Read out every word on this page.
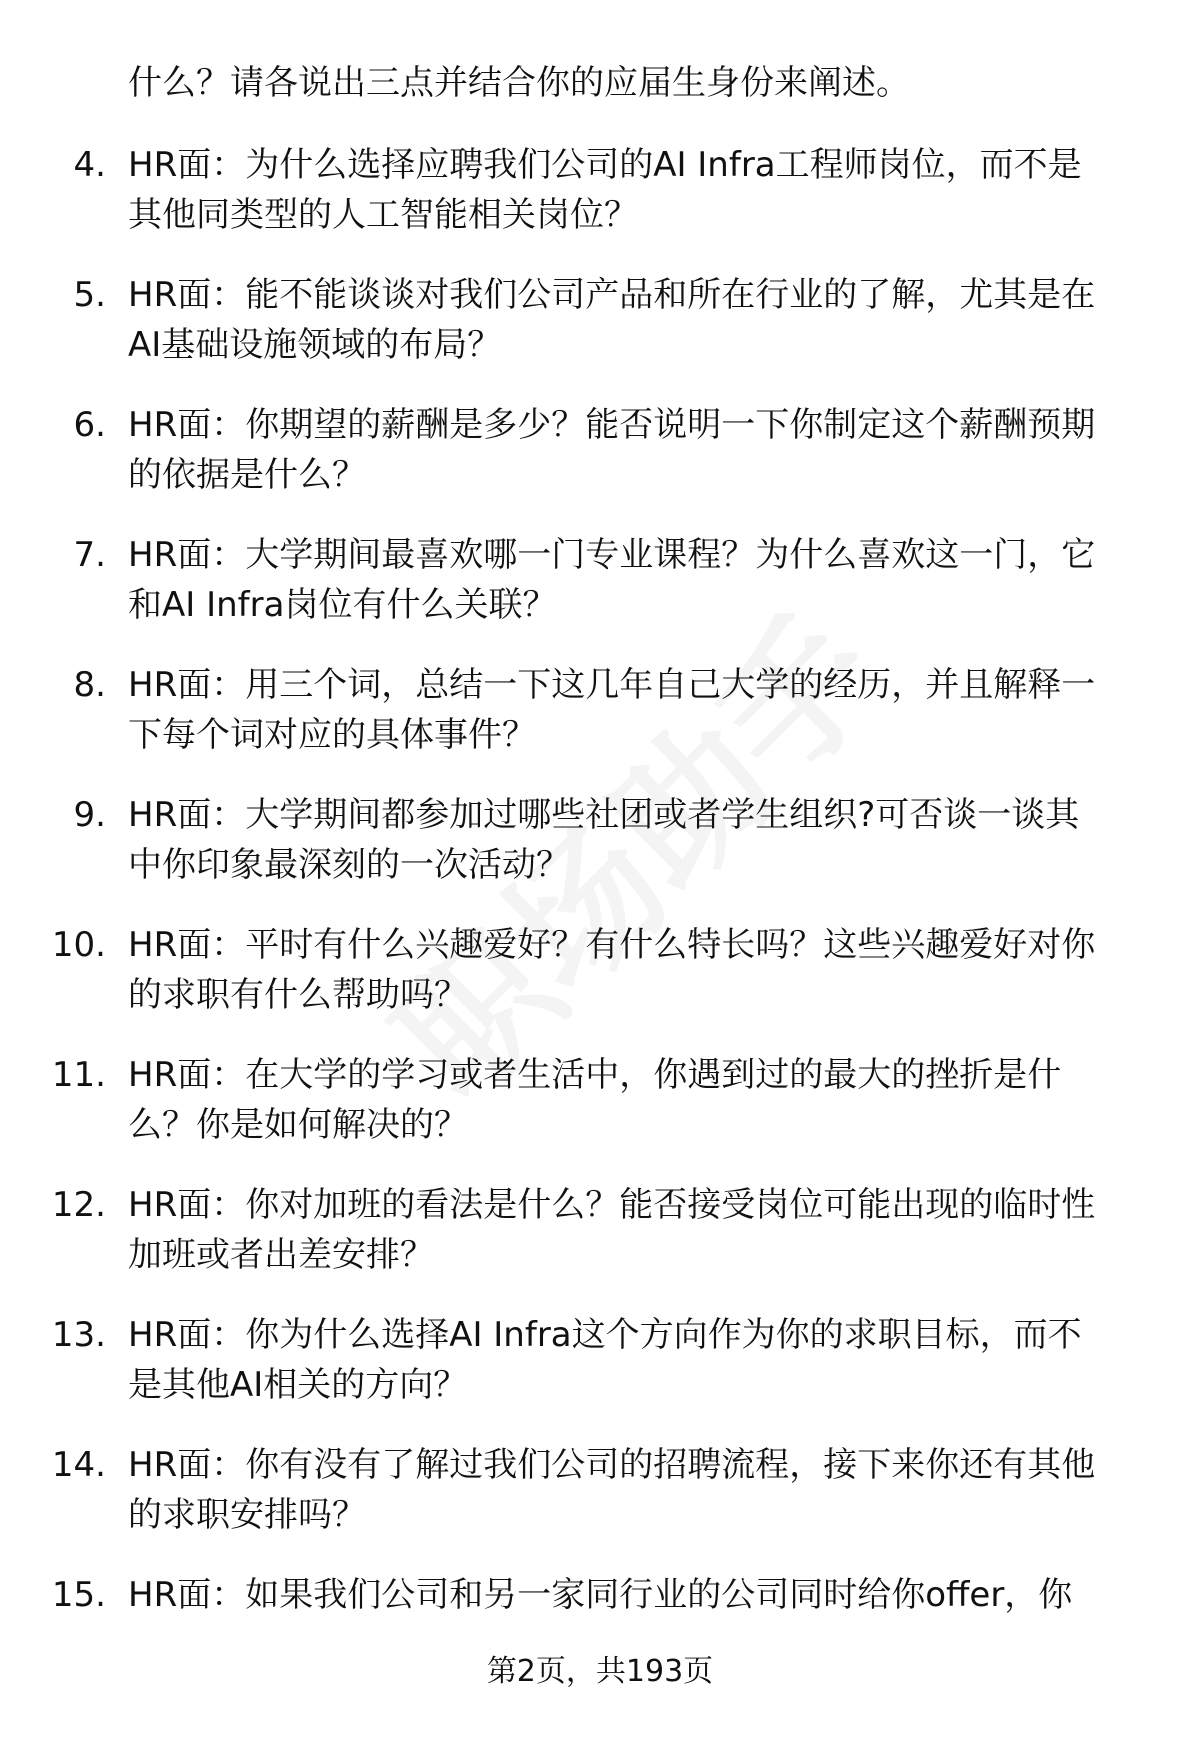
什么？请各说出三点并结合你的应届生身份来阐述。
4. HR面：为什么选择应聘我们公司的AI Infra工程师岗位，而不是
其他同类型的人工智能相关岗位？
5. HR面：能不能谈谈对我们公司产品和所在行业的了解，尤其是在
AI基础设施领域的布局？
6. HR面：你期望的薪酬是多少？能否说明一下你制定这个薪酬预期
的依据是什么？
7. HR面：大学期间最喜欢哪一门专业课程？为什么喜欢这一门，它
和AI Infra岗位有什么关联？
8. HR面：用三个词，总结一下这几年自己大学的经历，并且解释一
下每个词对应的具体事件？
9. HR面：大学期间都参加过哪些社团或者学生组织?可否谈一谈其
中你印象最深刻的一次活动？
10. HR面：平时有什么兴趣爱好？有什么特长吗？这些兴趣爱好对你
的求职有什么帮助吗？
11. HR面：在大学的学习或者生活中，你遇到过的最大的挫折是什
么？你是如何解决的？
12. HR面：你对加班的看法是什么？能否接受岗位可能出现的临时性
加班或者出差安排？
13. HR面：你为什么选择AI Infra这个方向作为你的求职目标，而不
是其他AI相关的方向？
14. HR面：你有没有了解过我们公司的招聘流程，接下来你还有其他
的求职安排吗？
15. HR面：如果我们公司和另一家同行业的公司同时给你offer，你
第2页，共193页
